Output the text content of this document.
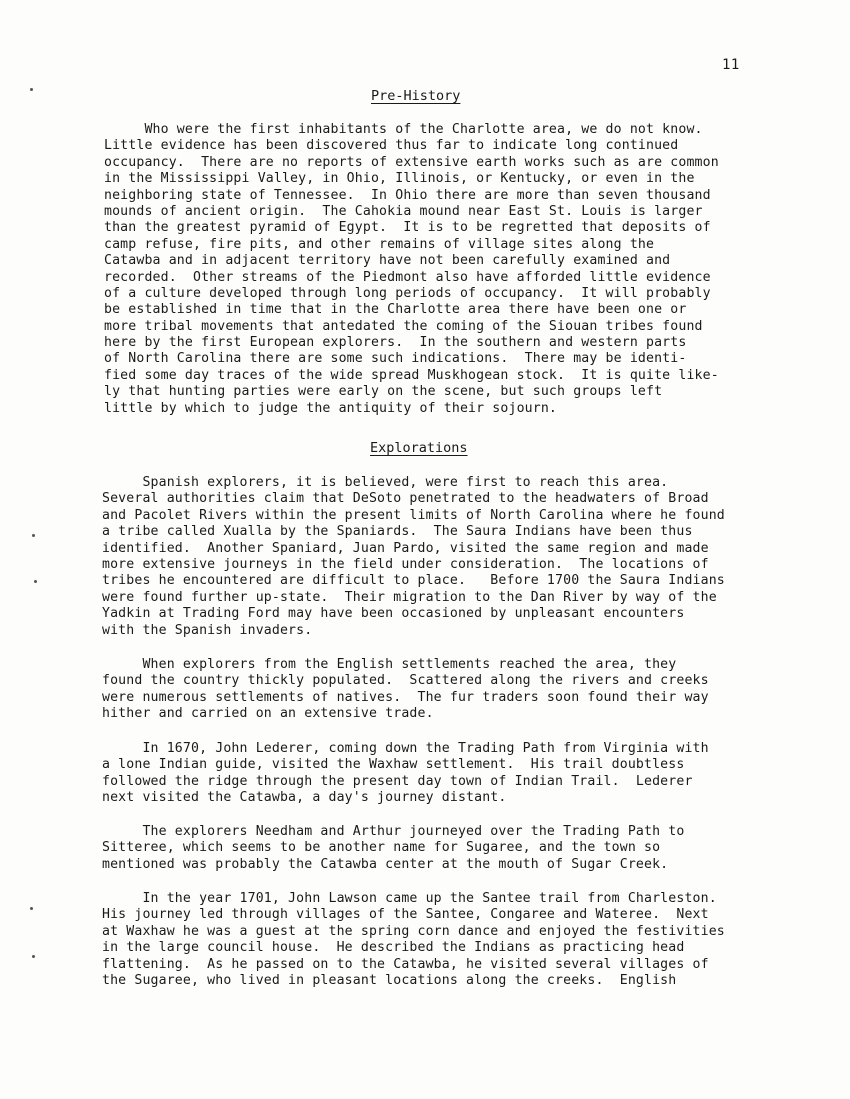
11
Pre-History
Who were the first inhabitants of the Charlotte area, we do not know.
Little evidence has been discovered thus far to indicate long continued
occupancy.  There are no reports of extensive earth works such as are common
in the Mississippi Valley, in Ohio, Illinois, or Kentucky, or even in the
neighboring state of Tennessee.  In Ohio there are more than seven thousand
mounds of ancient origin.  The Cahokia mound near East St. Louis is larger
than the greatest pyramid of Egypt.  It is to be regretted that deposits of
camp refuse, fire pits, and other remains of village sites along the
Catawba and in adjacent territory have not been carefully examined and
recorded.  Other streams of the Piedmont also have afforded little evidence
of a culture developed through long periods of occupancy.  It will probably
be established in time that in the Charlotte area there have been one or
more tribal movements that antedated the coming of the Siouan tribes found
here by the first European explorers.  In the southern and western parts
of North Carolina there are some such indications.  There may be identi-
fied some day traces of the wide spread Muskhogean stock.  It is quite like-
ly that hunting parties were early on the scene, but such groups left
little by which to judge the antiquity of their sojourn.
Explorations
Spanish explorers, it is believed, were first to reach this area.
Several authorities claim that DeSoto penetrated to the headwaters of Broad
and Pacolet Rivers within the present limits of North Carolina where he found
a tribe called Xualla by the Spaniards.  The Saura Indians have been thus
identified.  Another Spaniard, Juan Pardo, visited the same region and made
more extensive journeys in the field under consideration.  The locations of
tribes he encountered are difficult to place.   Before 1700 the Saura Indians
were found further up-state.  Their migration to the Dan River by way of the
Yadkin at Trading Ford may have been occasioned by unpleasant encounters
with the Spanish invaders.
When explorers from the English settlements reached the area, they
found the country thickly populated.  Scattered along the rivers and creeks
were numerous settlements of natives.  The fur traders soon found their way
hither and carried on an extensive trade.
In 1670, John Lederer, coming down the Trading Path from Virginia with
a lone Indian guide, visited the Waxhaw settlement.  His trail doubtless
followed the ridge through the present day town of Indian Trail.  Lederer
next visited the Catawba, a day's journey distant.
The explorers Needham and Arthur journeyed over the Trading Path to
Sitteree, which seems to be another name for Sugaree, and the town so
mentioned was probably the Catawba center at the mouth of Sugar Creek.
In the year 1701, John Lawson came up the Santee trail from Charleston.
His journey led through villages of the Santee, Congaree and Wateree.  Next
at Waxhaw he was a guest at the spring corn dance and enjoyed the festivities
in the large council house.  He described the Indians as practicing head
flattening.  As he passed on to the Catawba, he visited several villages of
the Sugaree, who lived in pleasant locations along the creeks.  English
